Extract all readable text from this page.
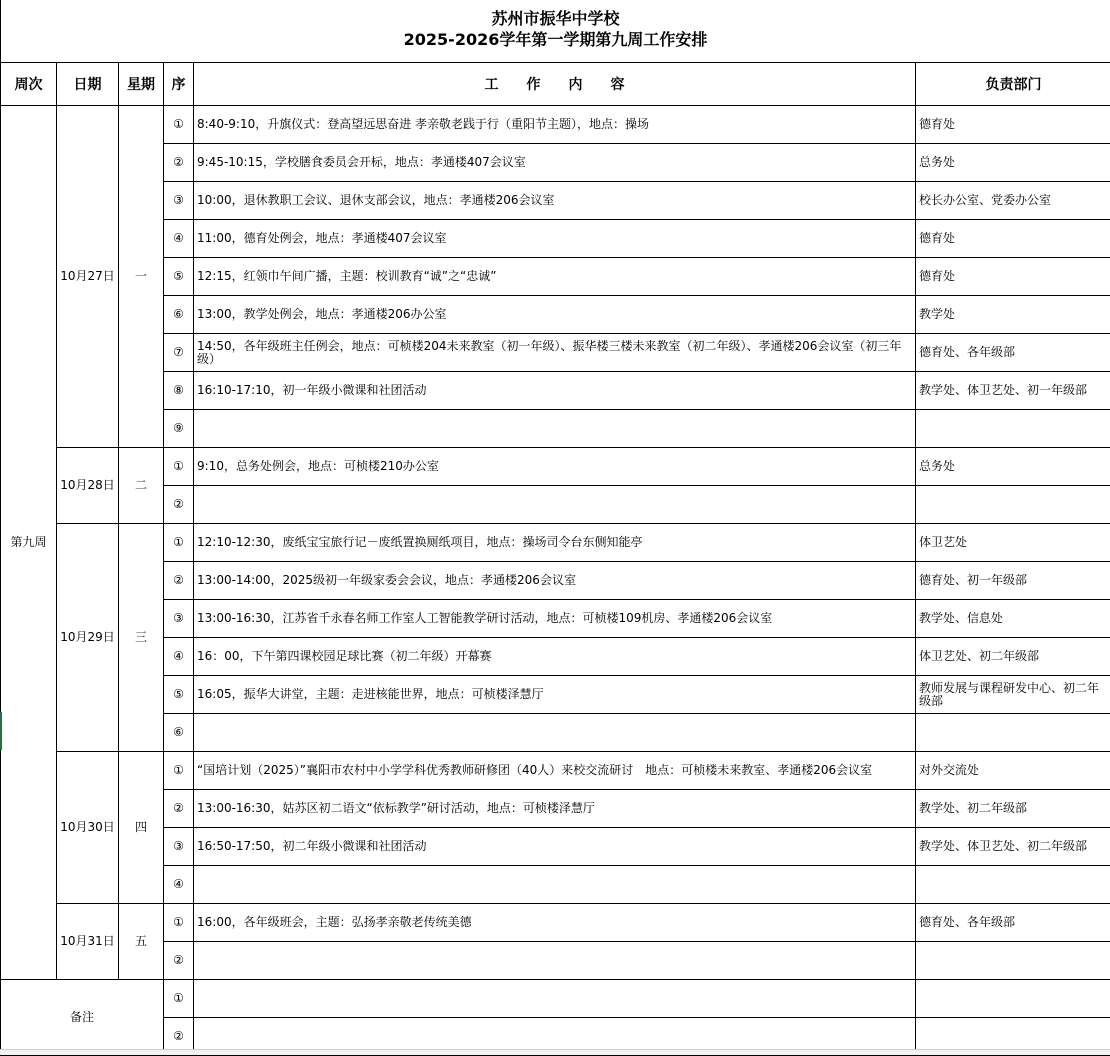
苏州市振华中学校
2025-2026学年第一学期第九周工作安排
周次	日期	星期	序	工　　作　　内　　容	负责部门
第九周	10月27日	一	①	8:40-9:10，升旗仪式：登高望远思奋进 孝亲敬老践于行（重阳节主题），地点：操场	德育处
			②	9:45-10:15，学校膳食委员会开标，地点：孝通楼407会议室	总务处
			③	10:00，退休教职工会议、退休支部会议，地点：孝通楼206会议室	校长办公室、党委办公室
			④	11:00，德育处例会，地点：孝通楼407会议室	德育处
			⑤	12:15，红领巾午间广播，主题：校训教育“诚”之“忠诚”	德育处
			⑥	13:00，教学处例会，地点：孝通楼206办公室	教学处
			⑦	14:50，各年级班主任例会，地点：可桢楼204未来教室（初一年级）、振华楼三楼未来教室（初二年级）、孝通楼206会议室（初三年级）	德育处、各年级部
			⑧	16:10-17:10，初一年级小微课和社团活动	教学处、体卫艺处、初一年级部
			⑨		
	10月28日	二	①	9:10，总务处例会，地点：可桢楼210办公室	总务处
			②		
	10月29日	三	①	12:10-12:30，废纸宝宝旅行记－废纸置换厕纸项目，地点：操场司令台东侧知能亭	体卫艺处
			②	13:00-14:00，2025级初一年级家委会会议，地点：孝通楼206会议室	德育处、初一年级部
			③	13:00-16:30，江苏省千永春名师工作室人工智能教学研讨活动，地点：可桢楼109机房、孝通楼206会议室	教学处、信息处
			④	16：00，下午第四课校园足球比赛（初二年级）开幕赛	体卫艺处、初二年级部
			⑤	16:05，振华大讲堂，主题：走进核能世界，地点：可桢楼泽慧厅	教师发展与课程研发中心、初二年级部
			⑥		
	10月30日	四	①	“国培计划（2025）”襄阳市农村中小学学科优秀教师研修团（40人）来校交流研讨　地点：可桢楼未来教室、孝通楼206会议室	对外交流处
			②	13:00-16:30，姑苏区初二语文“依标教学”研讨活动，地点：可桢楼泽慧厅	教学处、初二年级部
			③	16:50-17:50，初二年级小微课和社团活动	教学处、体卫艺处、初二年级部
			④		
	10月31日	五	①	16:00，各年级班会，主题：弘扬孝亲敬老传统美德	德育处、各年级部
			②		
备注			①		
			②		
